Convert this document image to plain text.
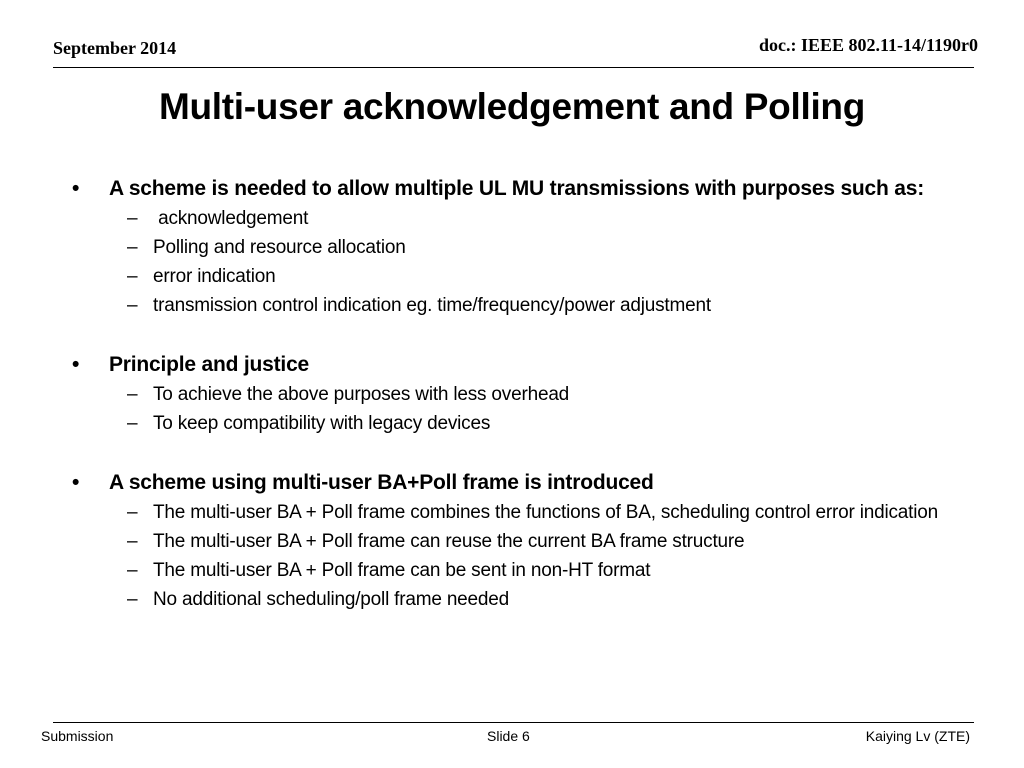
September 2014	doc.: IEEE 802.11-14/1190r0
Multi-user acknowledgement and Polling
• A scheme is needed to allow multiple UL MU transmissions with purposes such as:
– acknowledgement
– Polling and resource allocation
– error indication
– transmission control indication eg. time/frequency/power adjustment
• Principle and justice
– To achieve the above purposes with less overhead
– To keep compatibility with legacy devices
• A scheme using multi-user BA+Poll frame is introduced
– The multi-user BA + Poll frame combines the functions of BA, scheduling control error indication
– The multi-user BA + Poll frame can reuse the current BA frame structure
– The multi-user BA + Poll frame can be sent in non-HT format
– No additional scheduling/poll frame needed
Submission	Slide 6	Kaiying Lv (ZTE)
